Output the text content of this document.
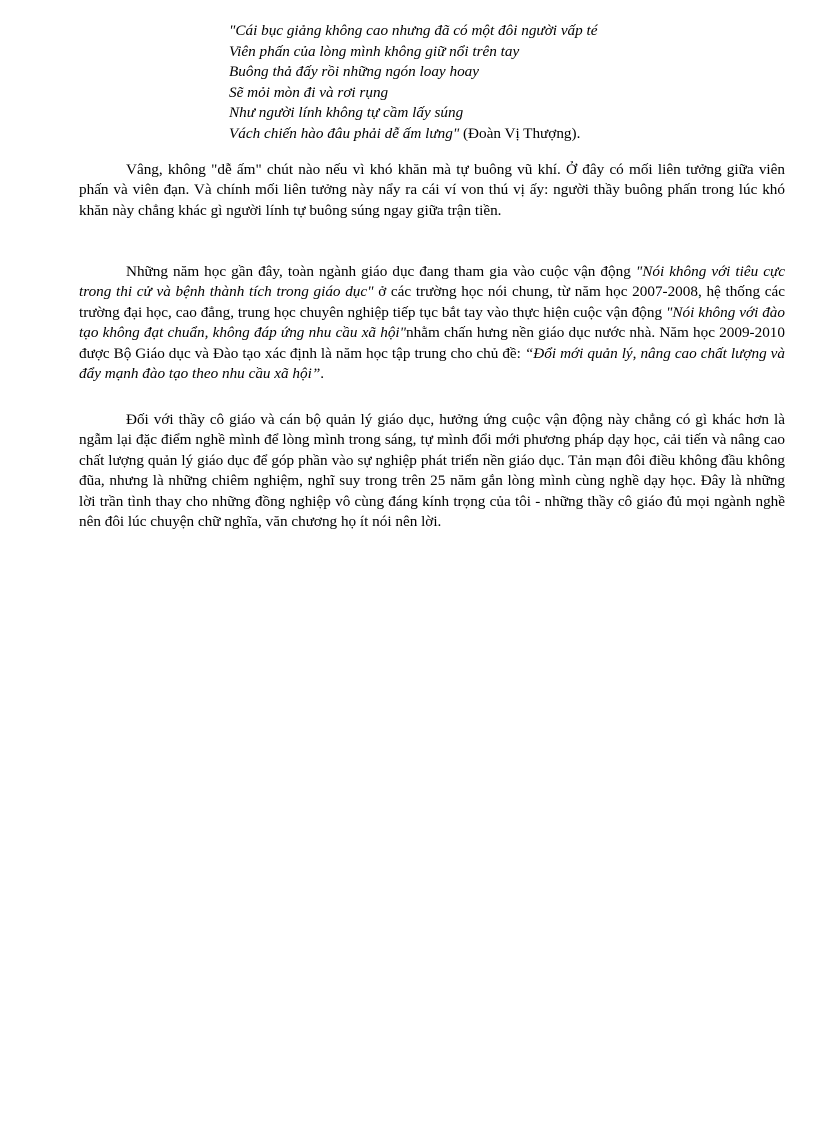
"Cái bục giảng không cao nhưng đã có một đôi người vấp té
Viên phấn của lòng mình không giữ nổi trên tay
Buông thả đấy rồi những ngón loay hoay
Sẽ mỏi mòn đi và rơi rụng
Như người lính không tự cầm lấy súng
Vách chiến hào đâu phải dễ ấm lưng" (Đoàn Vị Thượng).

Vâng, không "dễ ấm" chút nào nếu vì khó khăn mà tự buông vũ khí. Ở đây có mối liên tưởng giữa viên phấn và viên đạn. Và chính mối liên tưởng này nẩy ra cái ví von thú vị ấy: người thầy buông phấn trong lúc khó khăn này chẳng khác gì người lính tự buông súng ngay giữa trận tiền.

Những năm học gần đây, toàn ngành giáo dục đang tham gia vào cuộc vận động "Nói không với tiêu cực trong thi cử và bệnh thành tích trong giáo dục" ở các trường học nói chung, từ năm học 2007-2008, hệ thống các trường đại học, cao đẳng, trung học chuyên nghiệp tiếp tục bắt tay vào thực hiện cuộc vận động "Nói không với đào tạo không đạt chuẩn, không đáp ứng nhu cầu xã hội"nhằm chấn hưng nền giáo dục nước nhà. Năm học 2009-2010 được Bộ Giáo dục và Đào tạo xác định là năm học tập trung cho chủ đề: “Đổi mới quản lý, nâng cao chất lượng và đẩy mạnh đào tạo theo nhu cầu xã hội”.

Đối với thầy cô giáo và cán bộ quản lý giáo dục, hưởng ứng cuộc vận động này chẳng có gì khác hơn là ngẫm lại đặc điểm nghề mình để lòng mình trong sáng, tự mình đổi mới phương pháp dạy học, cải tiến và nâng cao chất lượng quản lý giáo dục để góp phần vào sự nghiệp phát triển nền giáo dục. Tản mạn đôi điều không đầu không đũa, nhưng là những chiêm nghiệm, nghĩ suy trong trên 25 năm gắn lòng mình cùng nghề dạy học. Đây là những lời trần tình thay cho những đồng nghiệp vô cùng đáng kính trọng của tôi - những thầy cô giáo đủ mọi ngành nghề nên đôi lúc chuyện chữ nghĩa, văn chương họ ít nói nên lời.
